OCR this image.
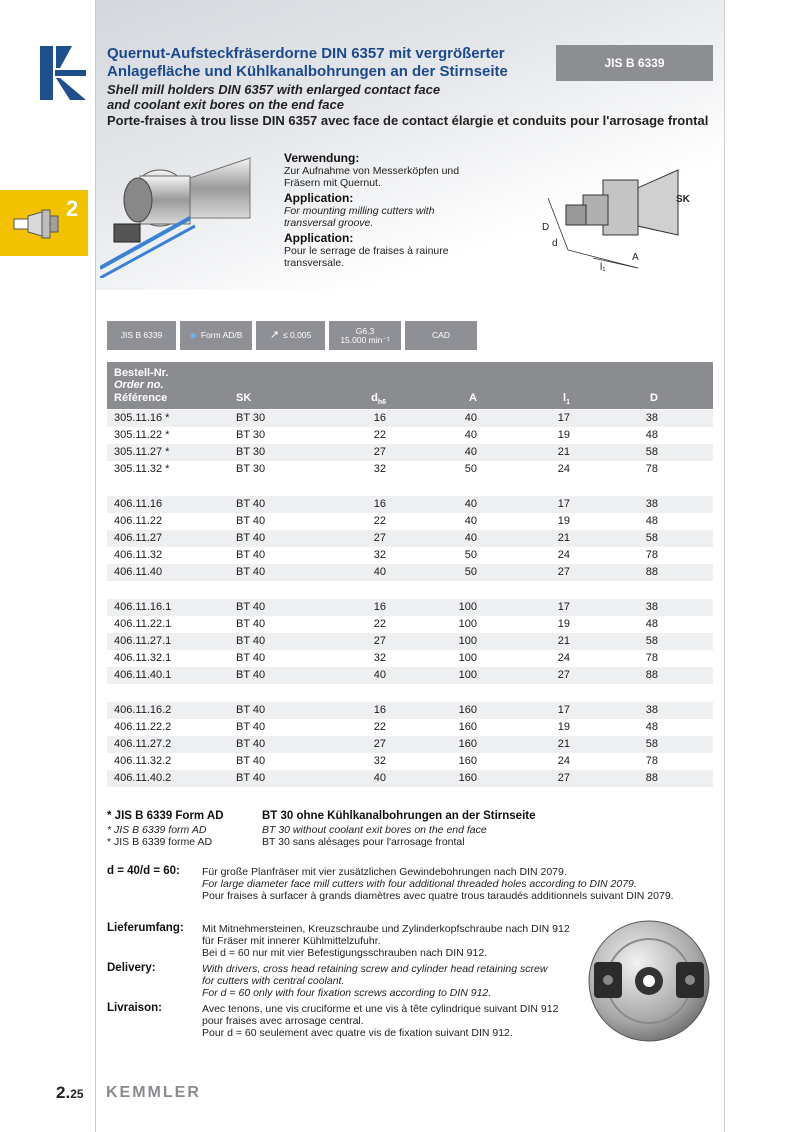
2
Quernut-Aufsteckfräserdorne DIN 6357 mit vergrößerter
Anlagefläche und Kühlkanalbohrungen an der Stirnseite
Shell mill holders DIN 6357 with enlarged contact face
and coolant exit bores on the end face
Porte-fraises à trou lisse DIN 6357 avec face de contact élargie et conduits pour l'arrosage frontal
JIS B 6339
Verwendung:
Zur Aufnahme von Messerköpfen und
Fräsern mit Quernut.
Application:
For mounting milling cutters with
transversal groove.
Application:
Pour le serrage de fraises à rainure
transversale.
SK
D
d
l₁
A
JIS B 6339	● Form AD/B ↗ ≤ 0,005	G6.3
15.000 min⁻¹	CAD
Bestell-Nr.
Order no.
Référence	SK	$d_{h6}$	A	$l_1$	D
305.11.16 *	BT 30	16	40	17	38
305.11.22 *	BT 30	22	40	19	48
305.11.27 *	BT 30	27	40	21	58
305.11.32 *	BT 30	32	50	24	78
406.11.16	BT 40	16	40	17	38
406.11.22	BT 40	22	40	19	48
406.11.27	BT 40	27	40	21	58
406.11.32	BT 40	32	50	24	78
406.11.40	BT 40	40	50	27	88
406.11.16.1	BT 40	16	100	17	38
406.11.22.1	BT 40	22	100	19	48
406.11.27.1	BT 40	27	100	21	58
406.11.32.1	BT 40	32	100	24	78
406.11.40.1	BT 40	40	100	27	88
406.11.16.2	BT 40	16	160	17	38
406.11.22.2	BT 40	22	160	19	48
406.11.27.2	BT 40	27	160	21	58
406.11.32.2	BT 40	32	160	24	78
406.11.40.2	BT 40	40	160	27	88
* JIS B 6339 Form AD
* JIS B 6339 form AD
* JIS B 6339 forme AD
BT 30 ohne Kühlkanalbohrungen an der Stirnseite
BT 30 without coolant exit bores on the end face
BT 30 sans alésages pour l'arrosage frontal
d = 40/d = 60: Für große Planfräser mit vier zusätzlichen Gewindebohrungen nach DIN 2079.
For large diameter face mill cutters with four additional threaded holes according to DIN 2079.
Pour fraises à surfacer à grands diamètres avec quatre trous taraudés additionnels suivant DIN 2079.
Lieferumfang: Mit Mitnehmersteinen, Kreuzschraube und Zylinderkopfschraube nach DIN 912
für Fräser mit innerer Kühlmittelzufuhr.
Bei d = 60 nur mit vier Befestigungsschrauben nach DIN 912.
Delivery:	With drivers, cross head retaining screw and cylinder head retaining screw
for cutters with central coolant.
For d = 60 only with four fixation screws according to DIN 912.
Livraison:	Avec tenons, une vis cruciforme et une vis à tête cylindrique suivant DIN 912
pour fraises avec arrosage central.
Pour d = 60 seulement avec quatre vis de fixation suivant DIN 912.
2.25 KEMMLER
